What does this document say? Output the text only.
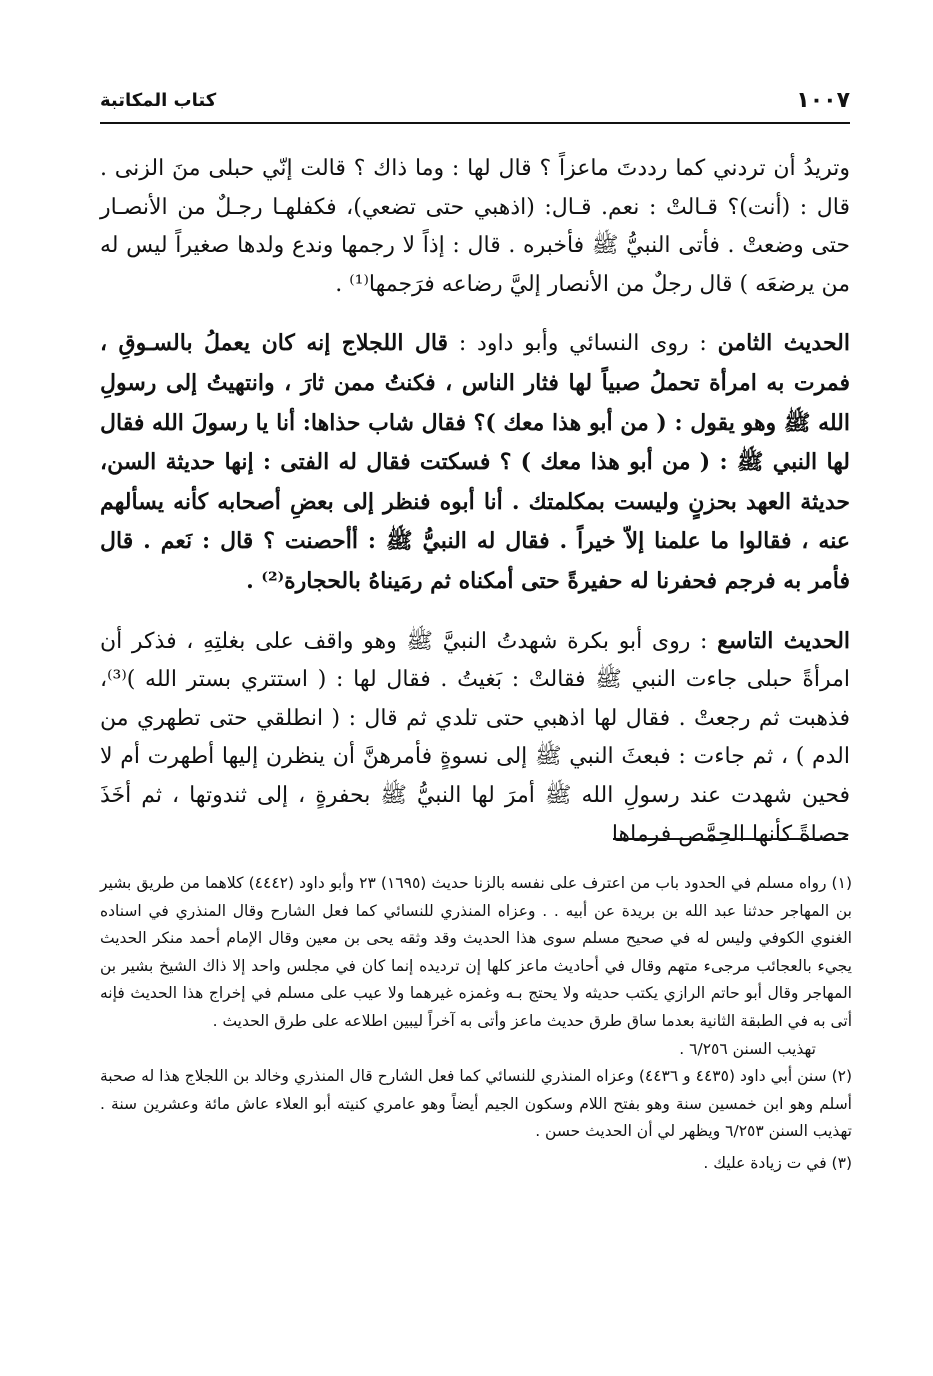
١٠٠٧
كتاب المكاتبة

وتريدُ أن تردني كما رددتَ ماعزاً ؟ قال لها : وما ذاك ؟ قالت إنّي حبلى منَ الزنى . قال : (أنت)؟ قـالتْ : نعم. قـال: (اذهبي حتى تضعي)، فكفلهـا رجـلٌ من الأنصـار حتى وضعتْ . فأتى النبيُّ ﷺ فأخبره . قال : إذاً لا رجمها وندع ولدها صغيراً ليس له من يرضعَه ) قال رجلٌ من الأنصار إليَّ رضاعه فرَجمها⁽¹⁾ .

الحديث الثامن : روى النسائي وأبو داود : قال اللجلاج إنه كان يعملُ بالسـوقِ ، فمرت به امرأة تحملُ صبياً لها فثار الناس ، فكنتُ ممن ثارَ ، وانتهيتُ إلى رسولِ الله ﷺ وهو يقول : ( من أبو هذا معك )؟ فقال شاب حذاها: أنا يا رسولَ الله فقال لها النبي ﷺ : ( من أبو هذا معك ) ؟ فسكتت فقال له الفتى : إنها حديثة السن، حديثة العهد بحزنٍ وليست بمكلمتك . أنا أبوه فنظر إلى بعضِ أصحابه كأنه يسألهم عنه ، فقالوا ما علمنا إلاّ خيراً . فقال له النبيُّ ﷺ : أأحصنت ؟ قال : نَعم . قال فأمر به فرجم فحفرنا له حفيرةً حتى أمكناه ثم رمَيناهُ بالحجارة⁽²⁾ .

الحديث التاسع : روى أبو بكرة شهدتُ النبيَّ ﷺ وهو واقف على بغلتِهِ ، فذكر أن امرأةً حبلى جاءت النبي ﷺ فقالتْ : بَغيتُ . فقال لها : ( استتري بستر الله )⁽³⁾، فذهبت ثم رجعتْ . فقال لها اذهبي حتى تلدي ثم قال : ( انطلقي حتى تطهري من الدم ) ، ثم جاءت : فبعثَ النبي ﷺ إلى نسوةٍ فأمرهنَّ أن ينظرن إليها أطهرت أم لا فحين شهدت عند رسولِ الله ﷺ أمرَ لها النبيُّ ﷺ بحفرةٍ ، إلى ثندوتها ، ثم أخَذَ حصاةً كأنها الحِمَّص فرماها

(١) رواه مسلم في الحدود باب من اعترف على نفسه بالزنا حديث (١٦٩٥) ٢٣ وأبو داود (٤٤٤٢) كلاهما من طريق بشير بن المهاجر حدثنا عبد الله بن بريدة عن أبيه . . وعزاه المنذري للنسائي كما فعل الشارح وقال المنذري في اسناده الغنوي الكوفي وليس له في صحيح مسلم سوى هذا الحديث وقد وثقه يحى بن معين وقال الإمام أحمد منكر الحديث يجيء بالعجائب مرجىء متهم وقال في أحاديث ماعز كلها إن ترديده إنما كان في مجلس واحد إلا ذاك الشيخ بشير بن المهاجر وقال أبو حاتم الرازي يكتب حديثه ولا يحتج بـه وغمزه غيرهما ولا عيب على مسلم في إخراج هذا الحديث فإنه أتى به في الطبقة الثانية بعدما ساق طرق حديث ماعز وأتى به آخراً ليبين اطلاعه على طرق الحديث .

تهذيب السنن ٦/٢٥٦ .

(٢) سنن أبي داود (٤٤٣٥ و ٤٤٣٦) وعزاه المنذري للنسائي كما فعل الشارح قال المنذري وخالد بن اللجلاج هذا له صحبة أسلم وهو ابن خمسين سنة وهو بفتح اللام وسكون الجيم أيضاً وهو عامري كنيته أبو العلاء عاش مائة وعشرين سنة . تهذيب السنن ٦/٢٥٣ ويظهر لي أن الحديث حسن .

(٣) في ت زيادة عليك .
